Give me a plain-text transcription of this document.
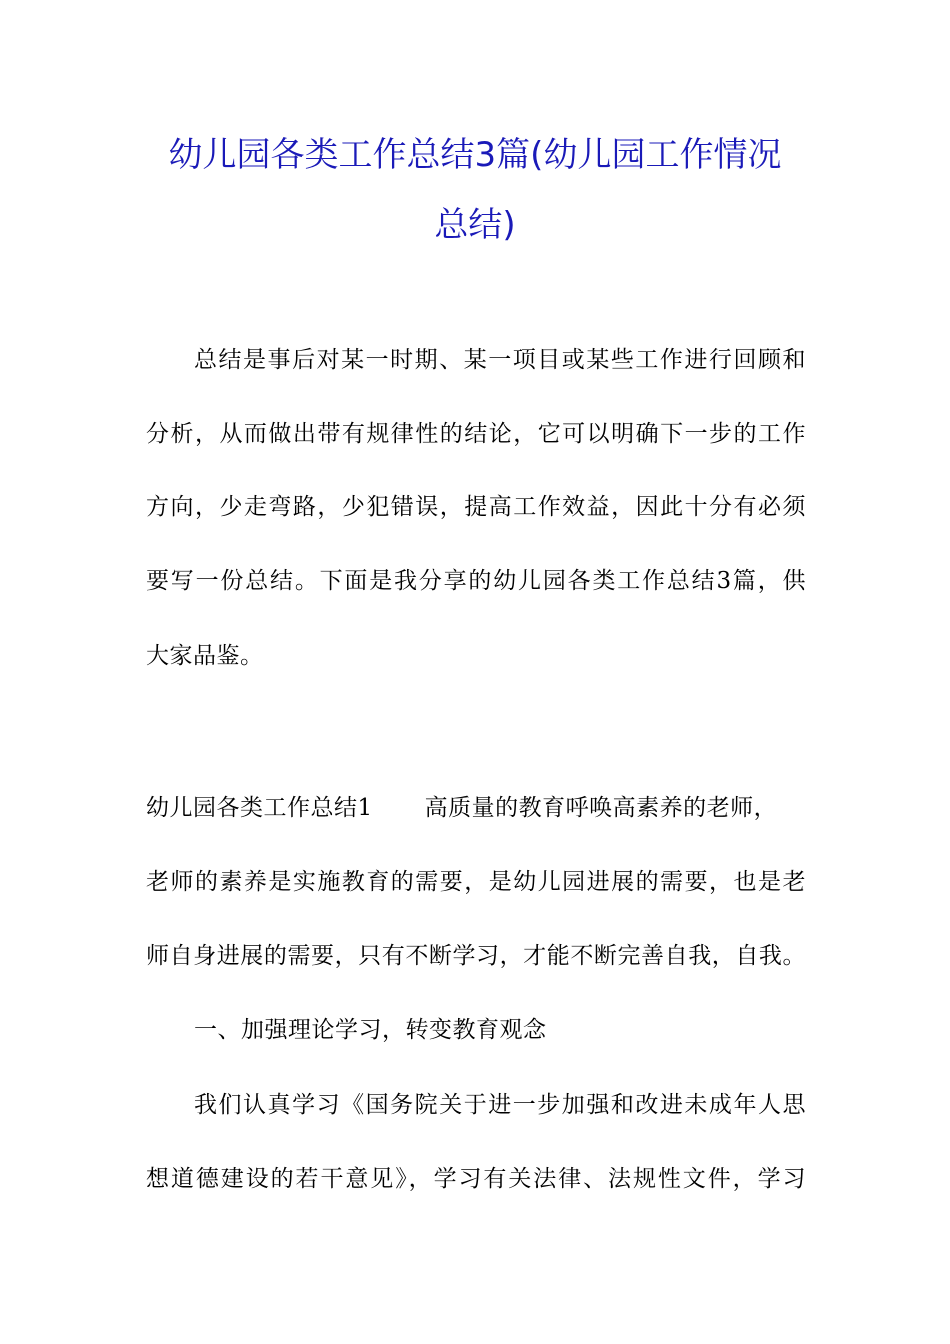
幼儿园各类工作总结3篇(幼儿园工作情况
总结)
总结是事后对某一时期、某一项目或某些工作进行回顾和
分析，从而做出带有规律性的结论，它可以明确下一步的工作
方向，少走弯路，少犯错误，提高工作效益，因此十分有必须
要写一份总结。下面是我分享的幼儿园各类工作总结3篇，供
大家品鉴。
幼儿园各类工作总结1 高质量的教育呼唤高素养的老师，
老师的素养是实施教育的需要，是幼儿园进展的需要，也是老
师自身进展的需要，只有不断学习，才能不断完善自我，自我。
一、加强理论学习，转变教育观念
我们认真学习《国务院关于进一步加强和改进未成年人思
想道德建设的若干意见》，学习有关法律、法规性文件，学习
